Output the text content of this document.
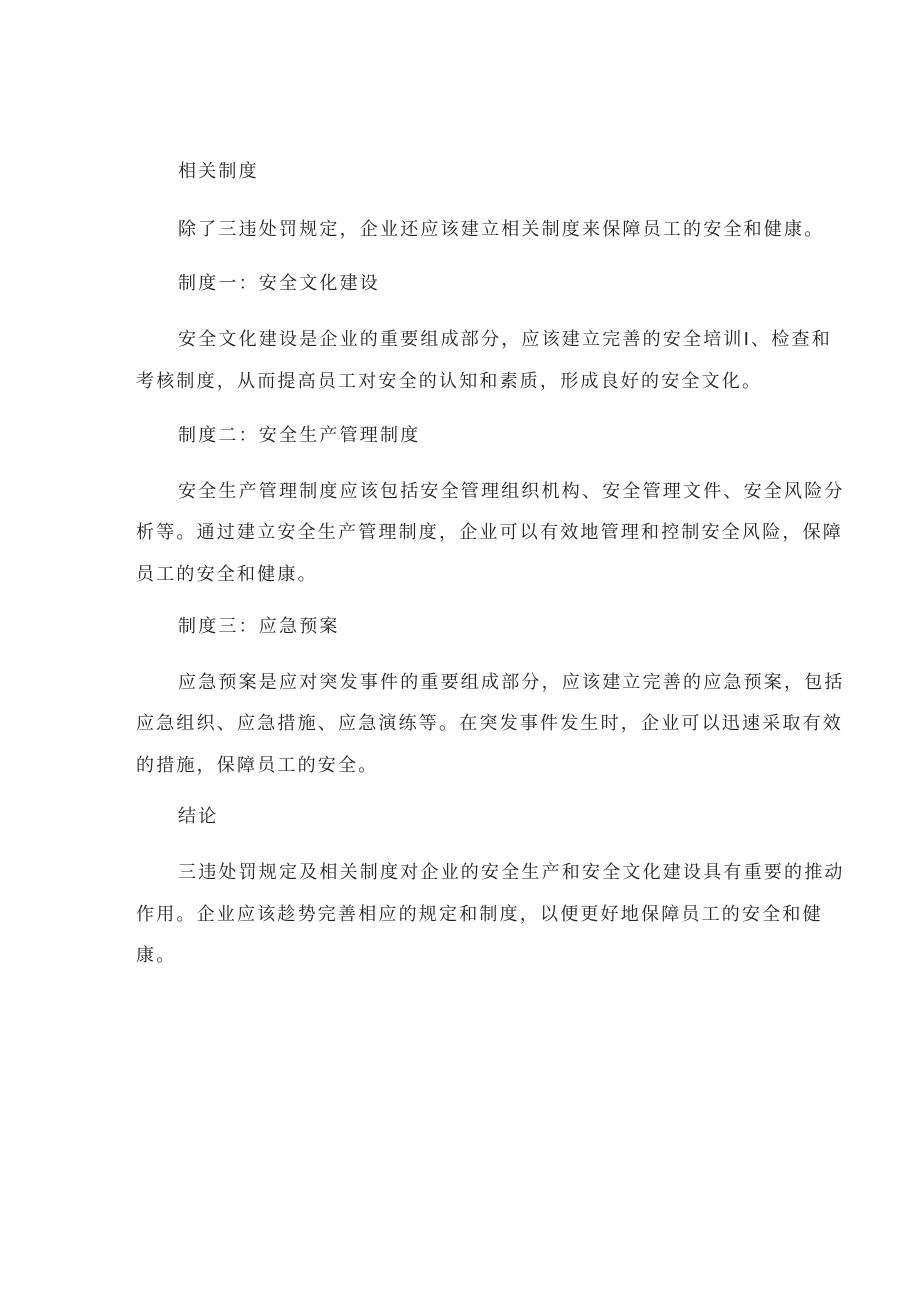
相关制度
除了三违处罚规定，企业还应该建立相关制度来保障员工的安全和健康。
制度一：安全文化建设
安全文化建设是企业的重要组成部分，应该建立完善的安全培训I、检查和
考核制度，从而提高员工对安全的认知和素质，形成良好的安全文化。
制度二：安全生产管理制度
安全生产管理制度应该包括安全管理组织机构、安全管理文件、安全风险分
析等。通过建立安全生产管理制度，企业可以有效地管理和控制安全风险，保障
员工的安全和健康。
制度三：应急预案
应急预案是应对突发事件的重要组成部分，应该建立完善的应急预案，包括
应急组织、应急措施、应急演练等。在突发事件发生时，企业可以迅速采取有效
的措施，保障员工的安全。
结论
三违处罚规定及相关制度对企业的安全生产和安全文化建设具有重要的推动
作用。企业应该趁势完善相应的规定和制度，以便更好地保障员工的安全和健
康。
